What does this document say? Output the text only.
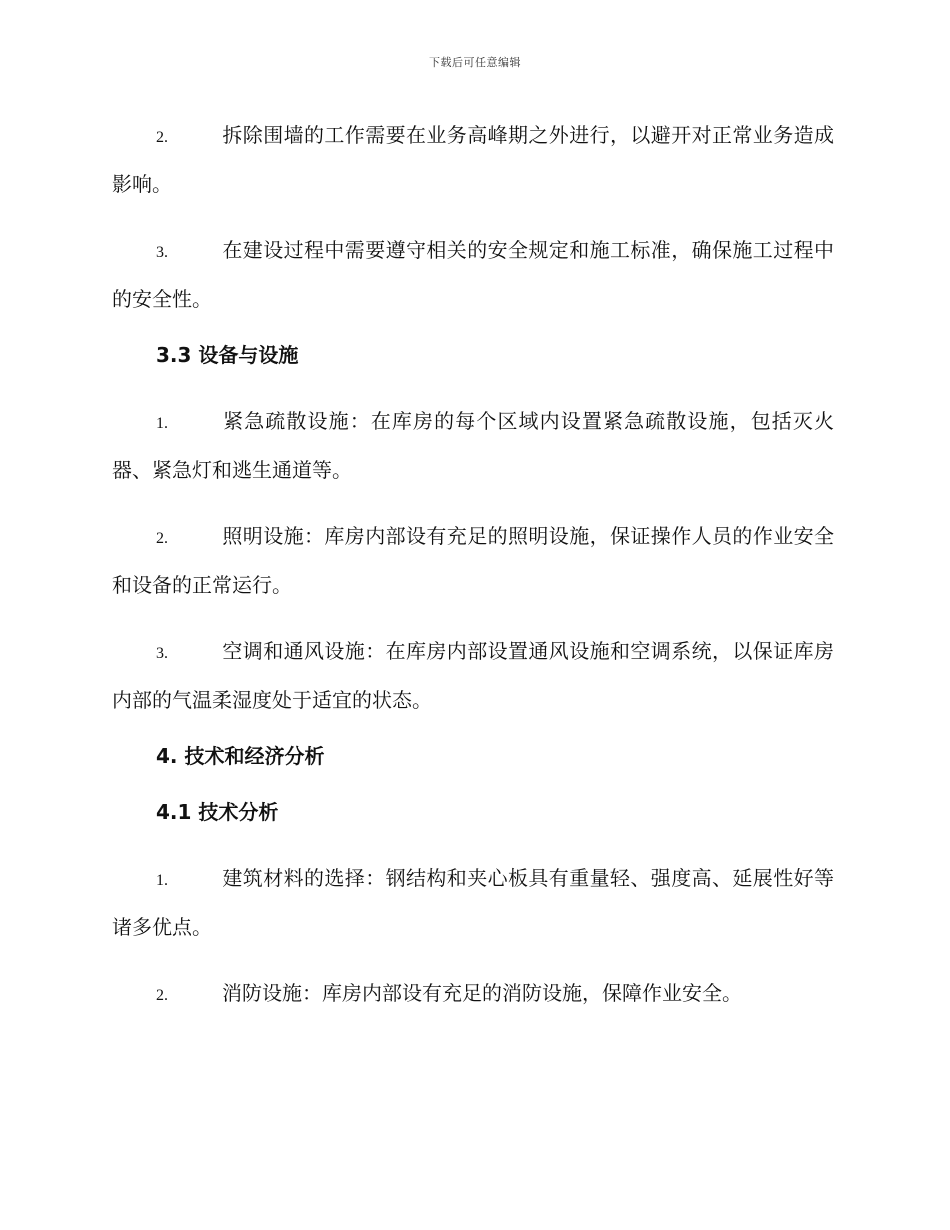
下载后可任意编辑

2.	拆除围墙的工作需要在业务高峰期之外进行，以避开对正常业务造成影响。

3.	在建设过程中需要遵守相关的安全规定和施工标准，确保施工过程中的安全性。

3.3 设备与设施

1.	紧急疏散设施：在库房的每个区域内设置紧急疏散设施，包括灭火器、紧急灯和逃生通道等。

2.	照明设施：库房内部设有充足的照明设施，保证操作人员的作业安全和设备的正常运行。

3.	空调和通风设施：在库房内部设置通风设施和空调系统，以保证库房内部的气温柔湿度处于适宜的状态。

4. 技术和经济分析
4.1 技术分析

1.	建筑材料的选择：钢结构和夹心板具有重量轻、强度高、延展性好等诸多优点。

2.	消防设施：库房内部设有充足的消防设施，保障作业安全。
